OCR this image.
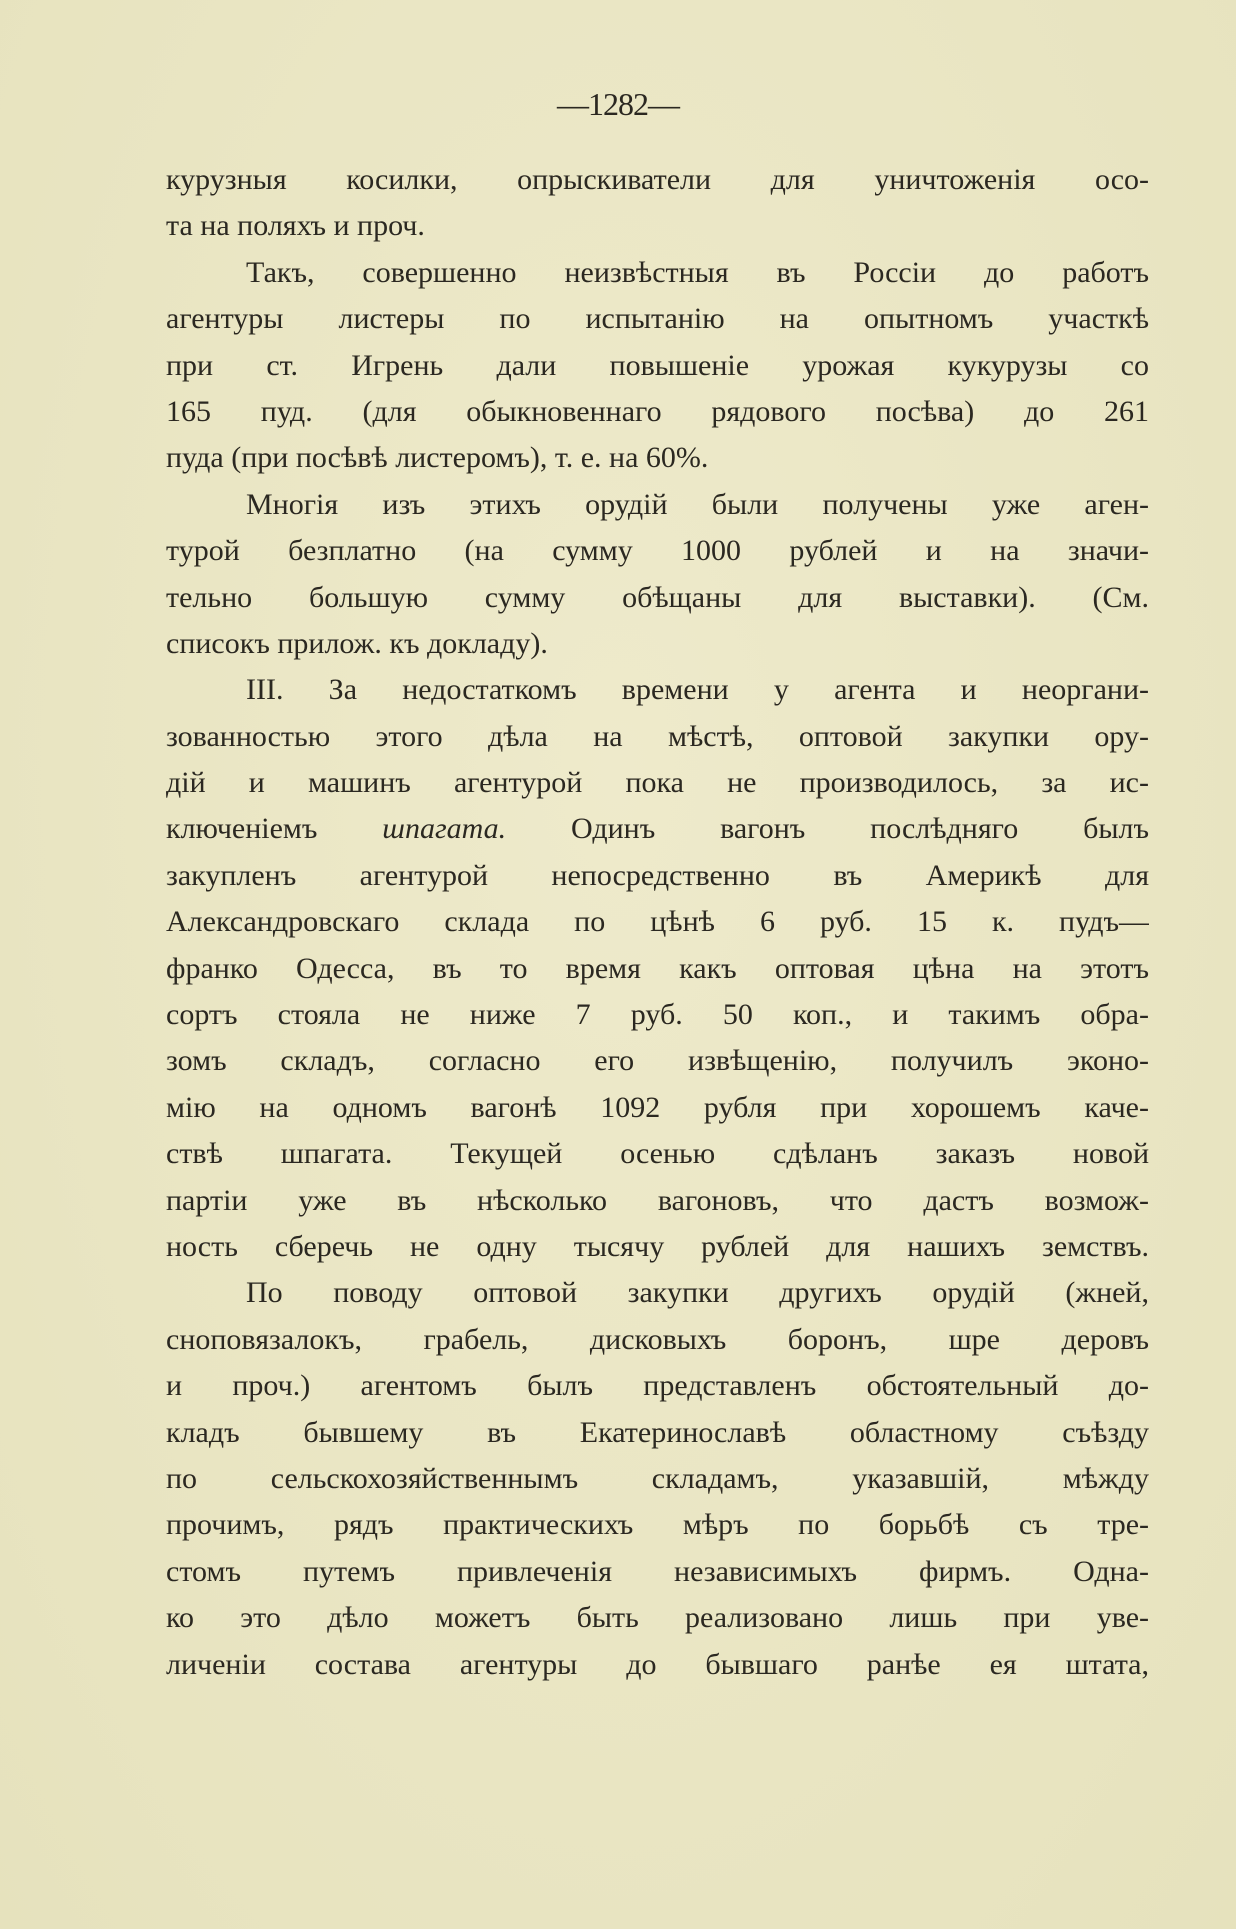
—1282—
курузныя косилки, опрыскиватели для уничтоженія осо-
та на поляхъ и проч.
Такъ, совершенно неизвѣстныя въ Россіи до работъ
агентуры листеры по испытанію на опытномъ участкѣ
при ст. Игрень дали повышеніе урожая кукурузы со
165 пуд. (для обыкновеннаго рядового посѣва) до 261
пуда (при посѣвѣ листеромъ), т. е. на 60%.
Многія изъ этихъ орудій были получены уже аген-
турой безплатно (на сумму 1000 рублей и на значи-
тельно большую сумму обѣщаны для выставки). (См.
списокъ прилож. къ докладу).
III. За недостаткомъ времени у агента и неоргани-
зованностью этого дѣла на мѣстѣ, оптовой закупки ору-
дій и машинъ агентурой пока не производилось, за ис-
ключеніемъ шпагата. Одинъ вагонъ послѣдняго былъ
закупленъ агентурой непосредственно въ Америкѣ для
Александровскаго склада по цѣнѣ 6 руб. 15 к. пудъ—
франко Одесса, въ то время какъ оптовая цѣна на этотъ
сортъ стояла не ниже 7 руб. 50 коп., и такимъ обра-
зомъ складъ, согласно его извѣщенію, получилъ эконо-
мію на одномъ вагонѣ 1092 рубля при хорошемъ каче-
ствѣ шпагата. Текущей осенью сдѣланъ заказъ новой
партіи уже въ нѣсколько вагоновъ, что дастъ возмож-
ность сберечь не одну тысячу рублей для нашихъ земствъ.
По поводу оптовой закупки другихъ орудій (жней,
сноповязалокъ, грабель, дисковыхъ боронъ, шре деровъ
и проч.) агентомъ былъ представленъ обстоятельный до-
кладъ бывшему въ Екатеринославѣ областному съѣзду
по сельскохозяйственнымъ складамъ, указавшій, мѣжду
прочимъ, рядъ практическихъ мѣръ по борьбѣ съ тре-
стомъ путемъ привлеченія независимыхъ фирмъ. Одна-
ко это дѣло можетъ быть реализовано лишь при уве-
личеніи состава агентуры до бывшаго ранѣе ея штата,
